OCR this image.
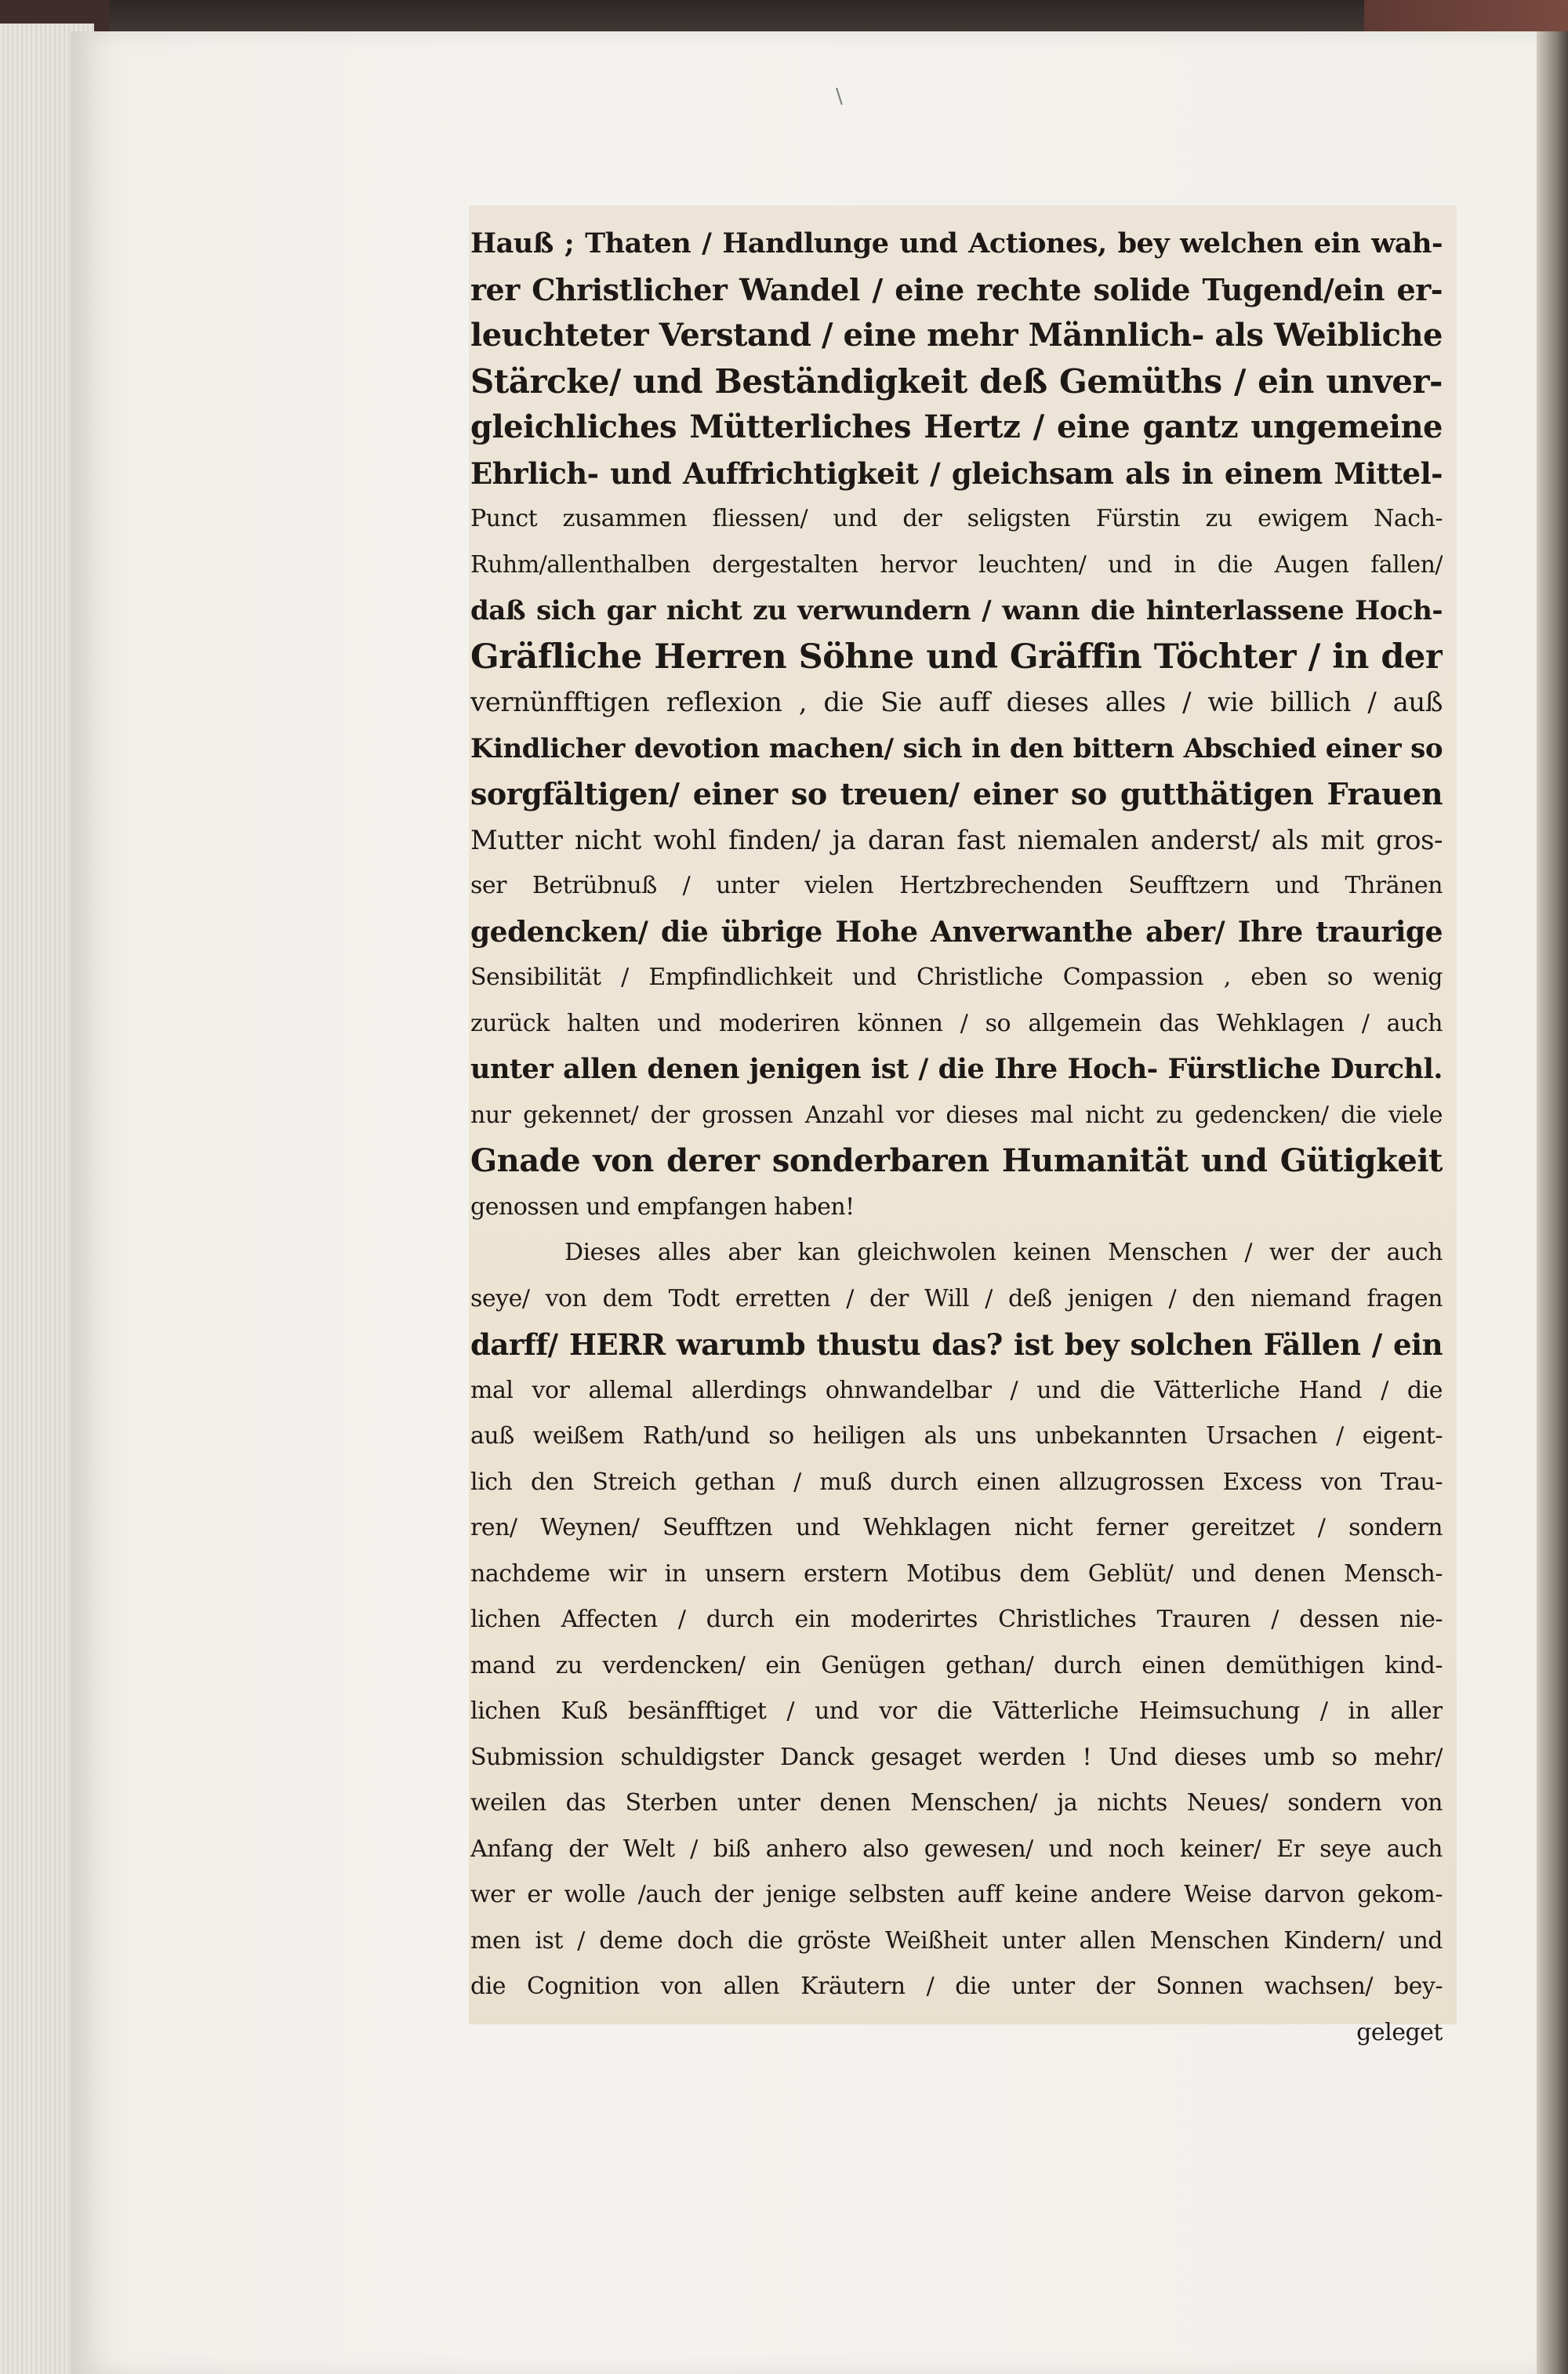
\
Hauß ; Thaten / Handlunge und Actiones, bey welchen ein wah-
rer Christlicher Wandel / eine rechte solide Tugend/ein er-
leuchteter Verstand / eine mehr Männlich- als Weibliche
Stärcke/ und Beständigkeit deß Gemüths / ein unver-
gleichliches Mütterliches Hertz / eine gantz ungemeine
Ehrlich- und Auffrichtigkeit / gleichsam als in einem Mittel-
Punct zusammen fliessen/ und der seligsten Fürstin zu ewigem Nach-
Ruhm/allenthalben dergestalten hervor leuchten/ und in die Augen fallen/
daß sich gar nicht zu verwundern / wann die hinterlassene Hoch-
Gräfliche Herren Söhne und Gräffin Töchter / in der
vernünfftigen reflexion , die Sie auff dieses alles / wie billich / auß
Kindlicher devotion machen/ sich in den bittern Abschied einer so
sorgfältigen/ einer so treuen/ einer so gutthätigen Frauen
Mutter nicht wohl finden/ ja daran fast niemalen anderst/ als mit gros-
ser Betrübnuß / unter vielen Hertzbrechenden Seufftzern und Thränen
gedencken/ die übrige Hohe Anverwanthe aber/ Ihre traurige
Sensibilität / Empfindlichkeit und Christliche Compassion , eben so wenig
zurück halten und moderiren können / so allgemein das Wehklagen / auch
unter allen denen jenigen ist / die Ihre Hoch- Fürstliche Durchl.
nur gekennet/ der grossen Anzahl vor dieses mal nicht zu gedencken/ die viele
Gnade von derer sonderbaren Humanität und Gütigkeit
genossen und empfangen haben!
Dieses alles aber kan gleichwolen keinen Menschen / wer der auch
seye/ von dem Todt erretten / der Will / deß jenigen / den niemand fragen
darff/ HERR warumb thustu das? ist bey solchen Fällen / ein
mal vor allemal allerdings ohnwandelbar / und die Vätterliche Hand / die
auß weißem Rath/und so heiligen als uns unbekannten Ursachen / eigent-
lich den Streich gethan / muß durch einen allzugrossen Excess von Trau-
ren/ Weynen/ Seufftzen und Wehklagen nicht ferner gereitzet / sondern
nachdeme wir in unsern erstern Motibus dem Geblüt/ und denen Mensch-
lichen Affecten / durch ein moderirtes Christliches Trauren / dessen nie-
mand zu verdencken/ ein Genügen gethan/ durch einen demüthigen kind-
lichen Kuß besänfftiget / und vor die Vätterliche Heimsuchung / in aller
Submission schuldigster Danck gesaget werden ! Und dieses umb so mehr/
weilen das Sterben unter denen Menschen/ ja nichts Neues/ sondern von
Anfang der Welt / biß anhero also gewesen/ und noch keiner/ Er seye auch
wer er wolle /auch der jenige selbsten auff keine andere Weise darvon gekom-
men ist / deme doch die gröste Weißheit unter allen Menschen Kindern/ und
die Cognition von allen Kräutern / die unter der Sonnen wachsen/ bey-
geleget
